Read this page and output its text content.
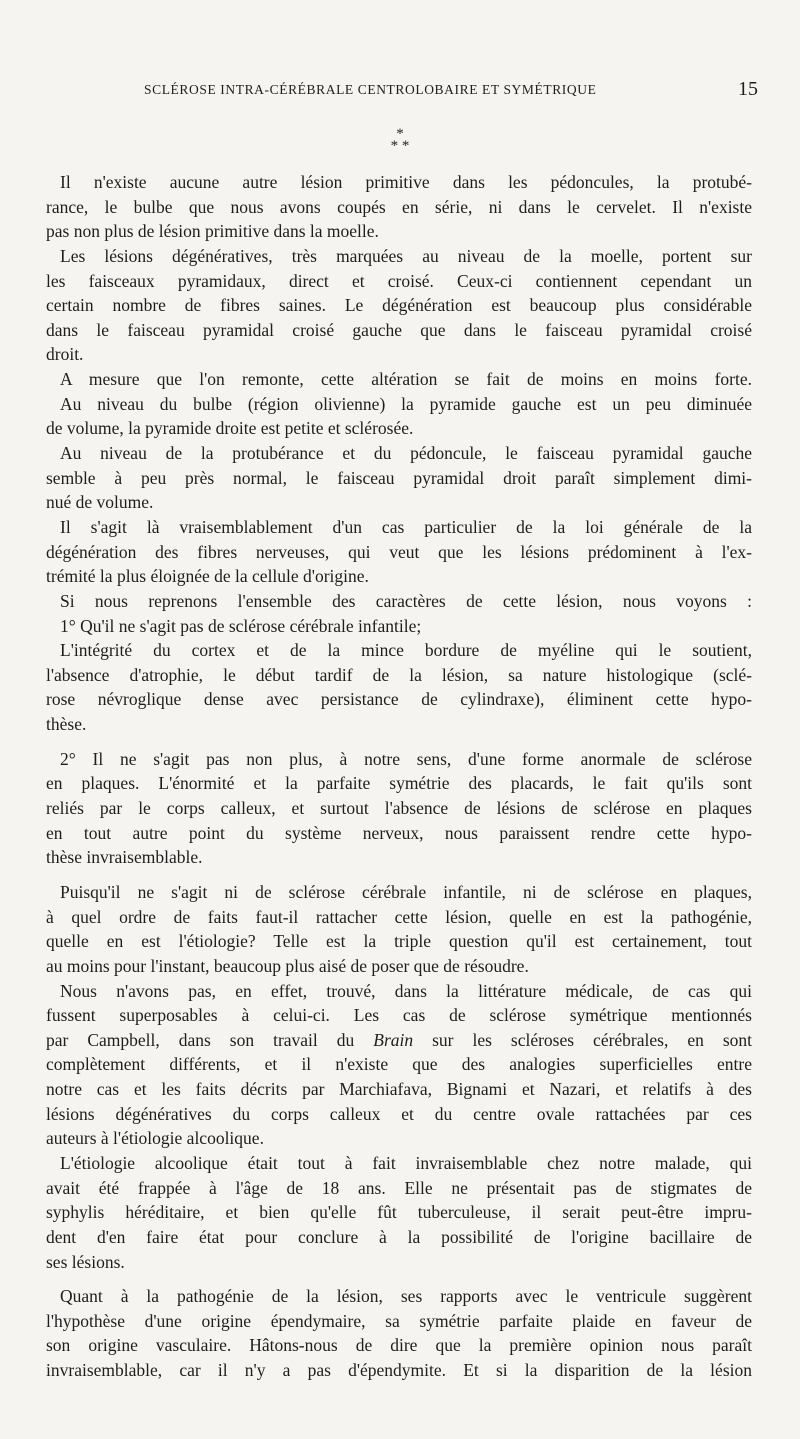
SCLÉROSE INTRA-CÉRÉBRALE CENTROLOBAIRE ET SYMÉTRIQUE	15
*
* *
Il n'existe aucune autre lésion primitive dans les pédoncules, la protubé-
rance, le bulbe que nous avons coupés en série, ni dans le cervelet. Il n'existe
pas non plus de lésion primitive dans la moelle.
Les lésions dégénératives, très marquées au niveau de la moelle, portent sur
les faisceaux pyramidaux, direct et croisé. Ceux-ci contiennent cependant un
certain nombre de fibres saines. Le dégénération est beaucoup plus considérable
dans le faisceau pyramidal croisé gauche que dans le faisceau pyramidal croisé
droit.
A mesure que l'on remonte, cette altération se fait de moins en moins forte.
Au niveau du bulbe (région olivienne) la pyramide gauche est un peu diminuée
de volume, la pyramide droite est petite et sclérosée.
Au niveau de la protubérance et du pédoncule, le faisceau pyramidal gauche
semble à peu près normal, le faisceau pyramidal droit paraît simplement dimi-
nué de volume.
Il s'agit là vraisemblablement d'un cas particulier de la loi générale de la
dégénération des fibres nerveuses, qui veut que les lésions prédominent à l'ex-
trémité la plus éloignée de la cellule d'origine.
Si nous reprenons l'ensemble des caractères de cette lésion, nous voyons :
1° Qu'il ne s'agit pas de sclérose cérébrale infantile;
L'intégrité du cortex et de la mince bordure de myéline qui le soutient,
l'absence d'atrophie, le début tardif de la lésion, sa nature histologique (sclé-
rose névroglique dense avec persistance de cylindraxe), éliminent cette hypo-
thèse.
2° Il ne s'agit pas non plus, à notre sens, d'une forme anormale de sclérose
en plaques. L'énormité et la parfaite symétrie des placards, le fait qu'ils sont
reliés par le corps calleux, et surtout l'absence de lésions de sclérose en plaques
en tout autre point du système nerveux, nous paraissent rendre cette hypo-
thèse invraisemblable.
Puisqu'il ne s'agit ni de sclérose cérébrale infantile, ni de sclérose en plaques,
à quel ordre de faits faut-il rattacher cette lésion, quelle en est la pathogénie,
quelle en est l'étiologie? Telle est la triple question qu'il est certainement, tout
au moins pour l'instant, beaucoup plus aisé de poser que de résoudre.
Nous n'avons pas, en effet, trouvé, dans la littérature médicale, de cas qui
fussent superposables à celui-ci. Les cas de sclérose symétrique mentionnés
par Campbell, dans son travail du Brain sur les scléroses cérébrales, en sont
complètement différents, et il n'existe que des analogies superficielles entre
notre cas et les faits décrits par Marchiafava, Bignami et Nazari, et relatifs à des
lésions dégénératives du corps calleux et du centre ovale rattachées par ces
auteurs à l'étiologie alcoolique.
L'étiologie alcoolique était tout à fait invraisemblable chez notre malade, qui
avait été frappée à l'âge de 18 ans. Elle ne présentait pas de stigmates de
syphylis héréditaire, et bien qu'elle fût tuberculeuse, il serait peut-être impru-
dent d'en faire état pour conclure à la possibilité de l'origine bacillaire de
ses lésions.
Quant à la pathogénie de la lésion, ses rapports avec le ventricule suggèrent
l'hypothèse d'une origine épendymaire, sa symétrie parfaite plaide en faveur de
son origine vasculaire. Hâtons-nous de dire que la première opinion nous paraît
invraisemblable, car il n'y a pas d'épendymite. Et si la disparition de la lésion
